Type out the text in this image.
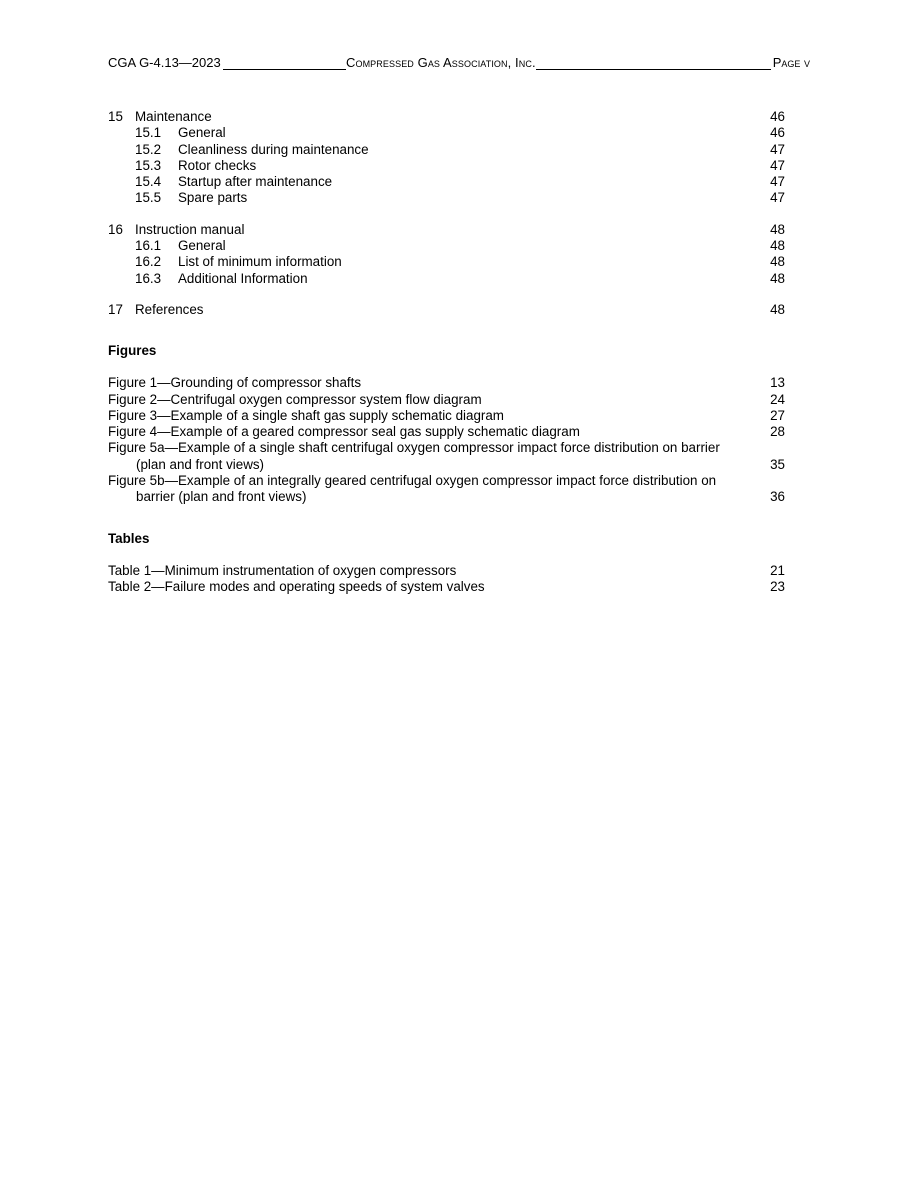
CGA G-4.13—2023	Compressed Gas Association, Inc.	Page v
15 Maintenance	46
15.1 General	46
15.2 Cleanliness during maintenance	47
15.3 Rotor checks	47
15.4 Startup after maintenance	47
15.5 Spare parts	47
16 Instruction manual	48
16.1 General	48
16.2 List of minimum information	48
16.3 Additional Information	48
17 References	48
Figures
Figure 1—Grounding of compressor shafts	13
Figure 2—Centrifugal oxygen compressor system flow diagram	24
Figure 3—Example of a single shaft gas supply schematic diagram	27
Figure 4—Example of a geared compressor seal gas supply schematic diagram	28
Figure 5a—Example of a single shaft centrifugal oxygen compressor impact force distribution on barrier
(plan and front views)	35
Figure 5b—Example of an integrally geared centrifugal oxygen compressor impact force distribution on
barrier (plan and front views)	36
Tables
Table 1—Minimum instrumentation of oxygen compressors	21
Table 2—Failure modes and operating speeds of system valves	23
